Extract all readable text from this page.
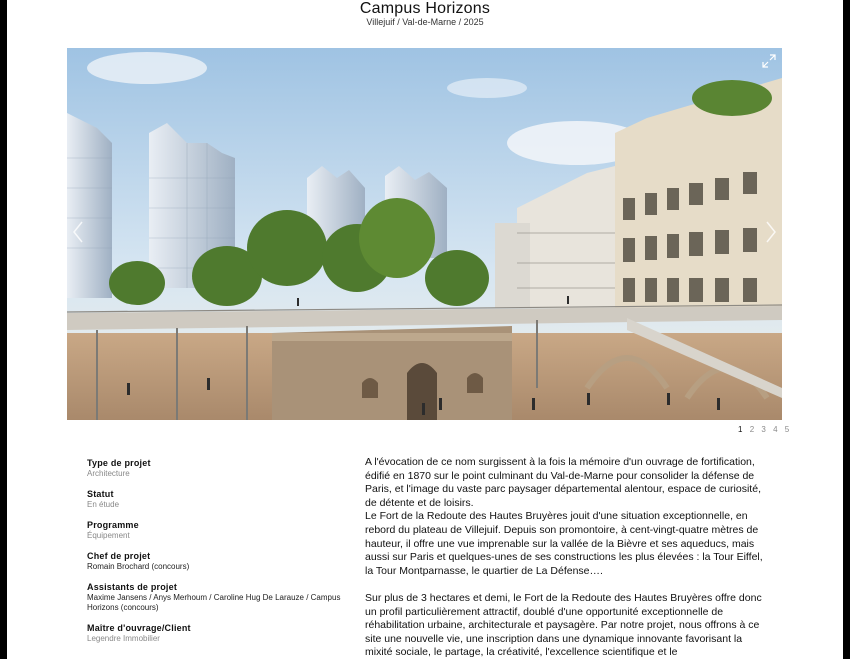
Campus Horizons
Villejuif / Val-de-Marne / 2025
1 2 3 4 5
Type de projet
Architecture
Statut
En étude
Programme
Équipement
Chef de projet
Romain Brochard (concours)
Assistants de projet
Maxime Jansens / Anys Merhoum / Caroline Hug De Larauze / Campus Horizons (concours)
Maître d'ouvrage/Client
Legendre Immobilier

A l'évocation de ce nom surgissent à la fois la mémoire d'un ouvrage de fortification, édifié en 1870 sur le point culminant du Val-de-Marne pour consolider la défense de Paris, et l'image du vaste parc paysager départemental alentour, espace de curiosité, de détente et de loisirs.
Le Fort de la Redoute des Hautes Bruyères jouit d'une situation exceptionnelle, en rebord du plateau de Villejuif. Depuis son promontoire, à cent-vingt-quatre mètres de hauteur, il offre une vue imprenable sur la vallée de la Bièvre et ses aqueducs, mais aussi sur Paris et quelques-unes de ses constructions les plus élevées : la Tour Eiffel, la Tour Montparnasse, le quartier de La Défense….

Sur plus de 3 hectares et demi, le Fort de la Redoute des Hautes Bruyères offre donc un profil particulièrement attractif, doublé d'une opportunité exceptionnelle de réhabilitation urbaine, architecturale et paysagère. Par notre projet, nous offrons à ce site une nouvelle vie, une inscription dans une dynamique innovante favorisant la mixité sociale, le partage, la créativité, l'excellence scientifique et le
